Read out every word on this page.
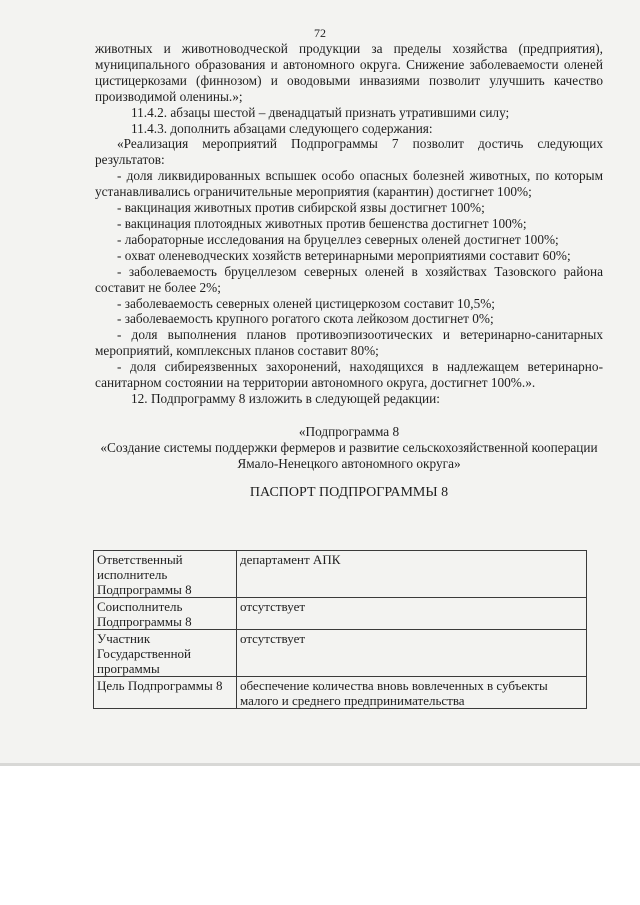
72

животных и животноводческой продукции за пределы хозяйства (предприятия), муниципального образования и автономного округа. Снижение заболеваемости оленей цистицеркозами (финнозом) и оводовыми инвазиями позволит улучшить качество производимой оленины.»;

11.4.2. абзацы шестой – двенадцатый признать утратившими силу;

11.4.3. дополнить абзацами следующего содержания:

«Реализация мероприятий Подпрограммы 7 позволит достичь следующих результатов:

- доля ликвидированных вспышек особо опасных болезней животных, по которым устанавливались ограничительные мероприятия (карантин) достигнет 100%;

- вакцинация животных против сибирской язвы достигнет 100%;

- вакцинация плотоядных животных против бешенства достигнет 100%;

- лабораторные исследования на бруцеллез северных оленей достигнет 100%;

- охват оленеводческих хозяйств ветеринарными мероприятиями составит 60%;

- заболеваемость бруцеллезом северных оленей в хозяйствах Тазовского района составит не более 2%;

- заболеваемость северных оленей цистицеркозом составит 10,5%;

- заболеваемость крупного рогатого скота лейкозом достигнет 0%;

- доля выполнения планов противоэпизоотических и ветеринарно-санитарных мероприятий, комплексных планов составит 80%;

- доля сибиреязвенных захоронений, находящихся в надлежащем ветеринарно-санитарном состоянии на территории автономного округа, достигнет 100%.».

12. Подпрограмму 8 изложить в следующей редакции:

«Подпрограмма 8

«Создание системы поддержки фермеров и развитие сельскохозяйственной кооперации Ямало-Ненецкого автономного округа»

ПАСПОРТ ПОДПРОГРАММЫ 8

Ответственный исполнитель Подпрограммы 8	департамент АПК
Соисполнитель Подпрограммы 8	отсутствует
Участник Государственной программы	отсутствует
Цель Подпрограммы 8	обеспечение количества вновь вовлеченных в субъекты малого и среднего предпринимательства
